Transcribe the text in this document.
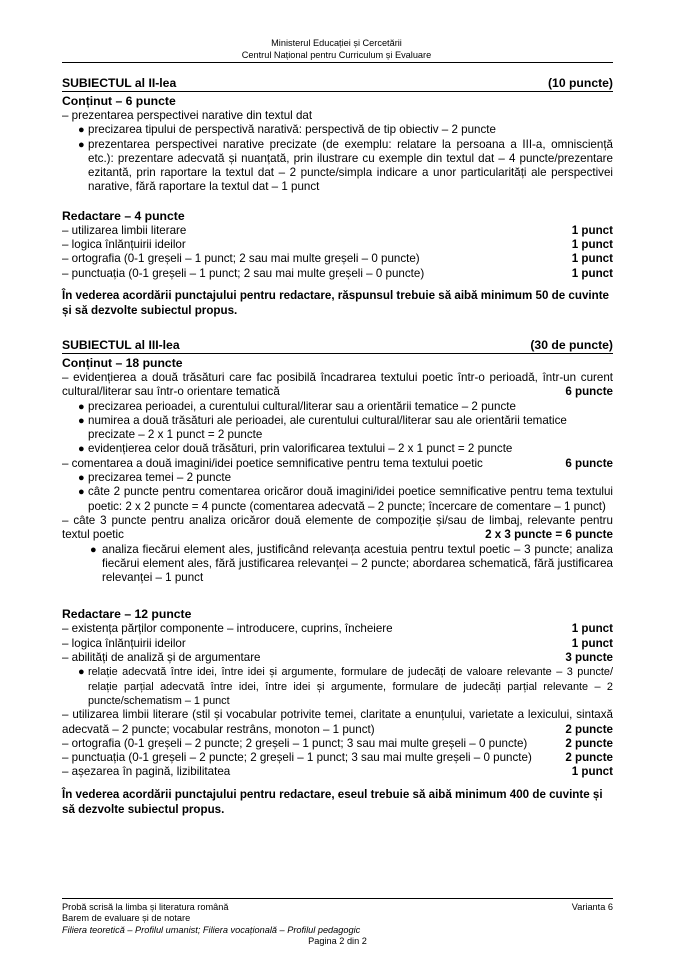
Ministerul Educației și Cercetării
Centrul Național pentru Curriculum și Evaluare
SUBIECTUL al II-lea	(10 puncte)
Conținut – 6 puncte
– prezentarea perspectivei narative din textul dat
● precizarea tipului de perspectivă narativă: perspectivă de tip obiectiv – 2 puncte
● prezentarea perspectivei narative precizate (de exemplu: relatare la persoana a III-a, omnisciență etc.): prezentare adecvată și nuanțată, prin ilustrare cu exemple din textul dat – 4 puncte/prezentare ezitantă, prin raportare la textul dat – 2 puncte/simpla indicare a unor particularități ale perspectivei narative, fără raportare la textul dat – 1 punct
Redactare – 4 puncte
– utilizarea limbii literare	1 punct
– logica înlănțuirii ideilor	1 punct
– ortografia (0-1 greșeli – 1 punct; 2 sau mai multe greșeli – 0 puncte)	1 punct
– punctuația (0-1 greșeli – 1 punct; 2 sau mai multe greșeli – 0 puncte)	1 punct
În vederea acordării punctajului pentru redactare, răspunsul trebuie să aibă minimum 50 de cuvinte și să dezvolte subiectul propus.
SUBIECTUL al III-lea	(30 de puncte)
Conținut – 18 puncte
– evidențierea a două trăsături care fac posibilă încadrarea textului poetic într-o perioadă, într-un curent cultural/literar sau într-o orientare tematică	6 puncte
● precizarea perioadei, a curentului cultural/literar sau a orientării tematice – 2 puncte
● numirea a două trăsături ale perioadei, ale curentului cultural/literar sau ale orientării tematice precizate – 2 x 1 punct = 2 puncte
● evidențierea celor două trăsături, prin valorificarea textului – 2 x 1 punct = 2 puncte
– comentarea a două imagini/idei poetice semnificative pentru tema textului poetic	6 puncte
● precizarea temei – 2 puncte
● câte 2 puncte pentru comentarea oricăror două imagini/idei poetice semnificative pentru tema textului poetic: 2 x 2 puncte = 4 puncte (comentarea adecvată – 2 puncte; încercare de comentare – 1 punct)
– câte 3 puncte pentru analiza oricăror două elemente de compoziție și/sau de limbaj, relevante pentru textul poetic	2 x 3 puncte = 6 puncte
● analiza fiecărui element ales, justificând relevanța acestuia pentru textul poetic – 3 puncte; analiza fiecărui element ales, fără justificarea relevanței – 2 puncte; abordarea schematică, fără justificarea relevanței – 1 punct
Redactare – 12 puncte
– existența părților componente – introducere, cuprins, încheiere	1 punct
– logica înlănțuirii ideilor	1 punct
– abilități de analiză și de argumentare	3 puncte
● relație adecvată între idei, între idei și argumente, formulare de judecăți de valoare relevante – 3 puncte/ relație parțial adecvată între idei, între idei și argumente, formulare de judecăți parțial relevante – 2 puncte/schematism – 1 punct
– utilizarea limbii literare (stil și vocabular potrivite temei, claritate a enunțului, varietate a lexicului, sintaxă adecvată – 2 puncte; vocabular restrâns, monoton – 1 punct)	2 puncte
– ortografia (0-1 greșeli – 2 puncte; 2 greșeli – 1 punct; 3 sau mai multe greșeli – 0 puncte)	2 puncte
– punctuația (0-1 greșeli – 2 puncte; 2 greșeli – 1 punct; 3 sau mai multe greșeli – 0 puncte)	2 puncte
– așezarea în pagină, lizibilitatea	1 punct
În vederea acordării punctajului pentru redactare, eseul trebuie să aibă minimum 400 de cuvinte și să dezvolte subiectul propus.
Probă scrisă la limba și literatura română	Varianta 6
Barem de evaluare și de notare
Filiera teoretică – Profilul umanist; Filiera vocațională – Profilul pedagogic
Pagina 2 din 2
